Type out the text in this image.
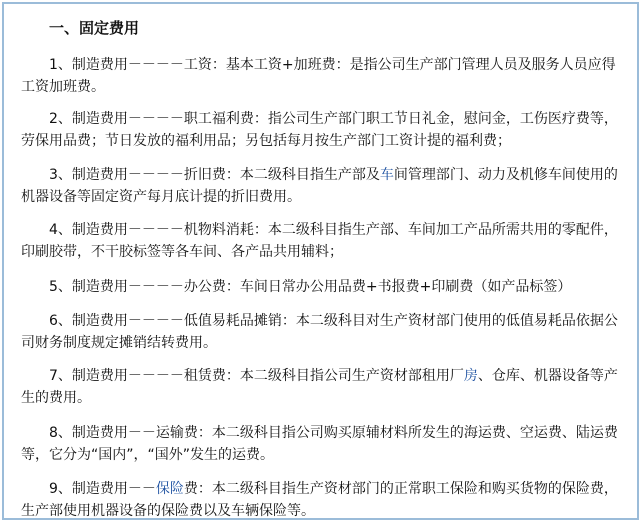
一、固定费用
1、制造费用－－－－工资：基本工资+加班费：是指公司生产部门管理人员及服务人员应得
工资加班费。
2、制造费用－－－－职工福利费：指公司生产部门职工节日礼金，慰问金，工伤医疗费等，
劳保用品费；节日发放的福利用品；另包括每月按生产部门工资计提的福利费；
3、制造费用－－－－折旧费：本二级科目指生产部及车间管理部门、动力及机修车间使用的
机器设备等固定资产每月底计提的折旧费用。
4、制造费用－－－－机物料消耗：本二级科目指生产部、车间加工产品所需共用的零配件，
印刷胶带，不干胶标签等各车间、各产品共用辅料；
5、制造费用－－－－办公费：车间日常办公用品费+书报费+印刷费（如产品标签）
6、制造费用－－－－低值易耗品摊销：本二级科目对生产资材部门使用的低值易耗品依据公
司财务制度规定摊销结转费用。
7、制造费用－－－－租赁费：本二级科目指公司生产资材部租用厂房、仓库、机器设备等产
生的费用。
8、制造费用－－运输费：本二级科目指公司购买原辅材料所发生的海运费、空运费、陆运费
等，它分为“国内”，“国外”发生的运费。
9、制造费用－－保险费：本二级科目指生产资材部门的正常职工保险和购买货物的保险费，
生产部使用机器设备的保险费以及车辆保险等。
